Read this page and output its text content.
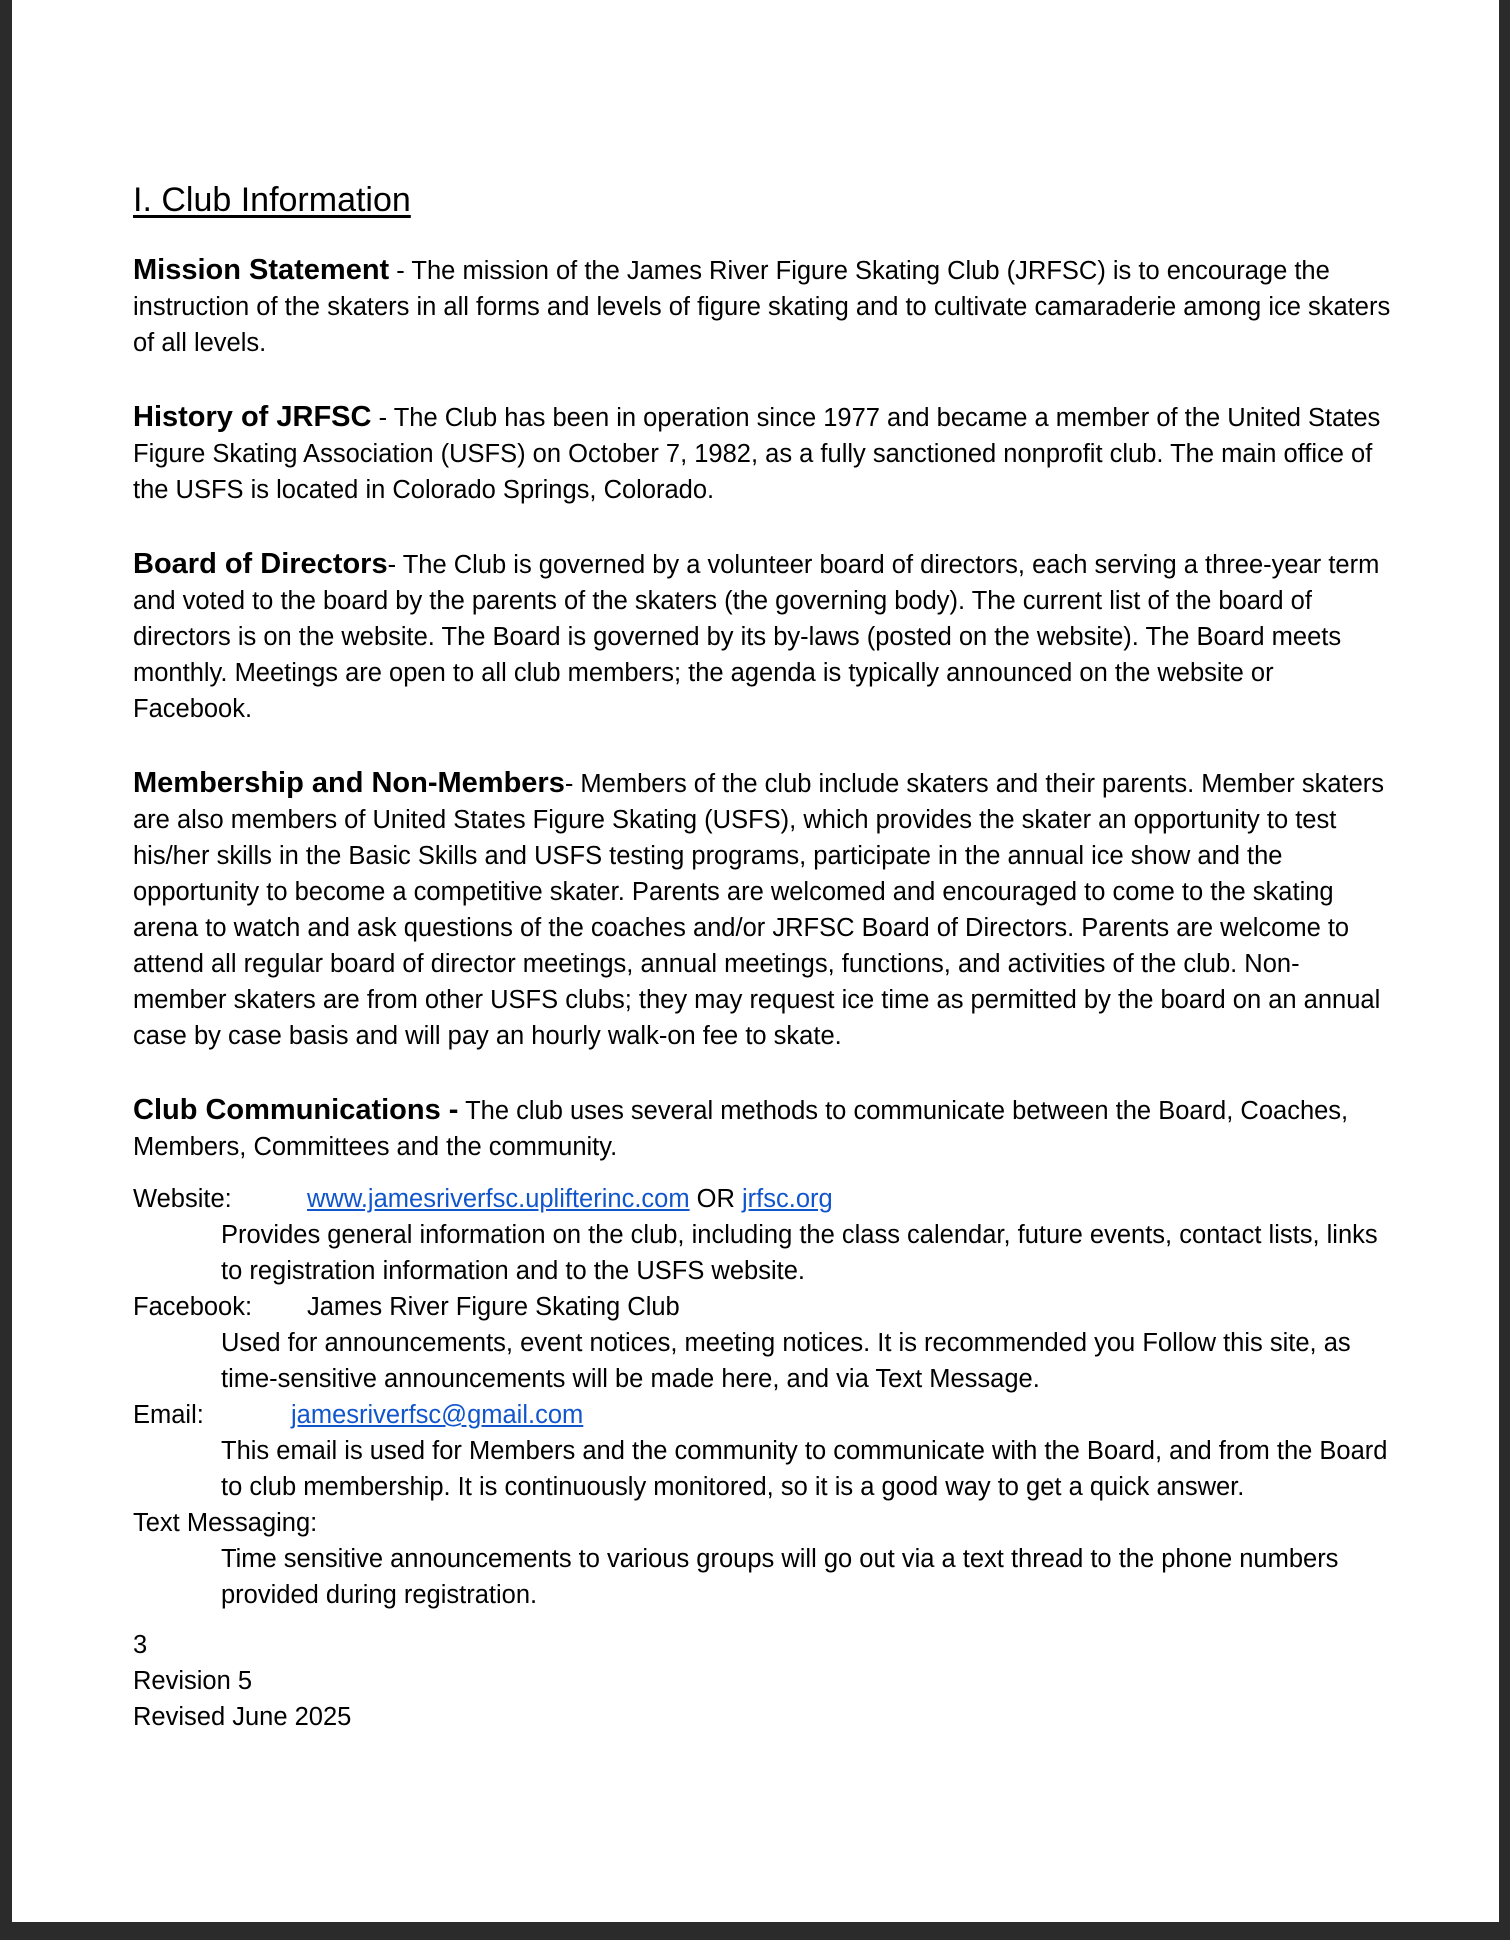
I. Club Information
Mission Statement - The mission of the James River Figure Skating Club (JRFSC) is to encourage the instruction of the skaters in all forms and levels of figure skating and to cultivate camaraderie among ice skaters of all levels.
History of JRFSC - The Club has been in operation since 1977 and became a member of the United States Figure Skating Association (USFS) on October 7, 1982, as a fully sanctioned nonprofit club. The main office of the USFS is located in Colorado Springs, Colorado.
Board of Directors- The Club is governed by a volunteer board of directors, each serving a three-year term and voted to the board by the parents of the skaters (the governing body). The current list of the board of directors is on the website. The Board is governed by its by-laws (posted on the website). The Board meets monthly. Meetings are open to all club members; the agenda is typically announced on the website or Facebook.
Membership and Non-Members- Members of the club include skaters and their parents. Member skaters are also members of United States Figure Skating (USFS), which provides the skater an opportunity to test his/her skills in the Basic Skills and USFS testing programs, participate in the annual ice show and the opportunity to become a competitive skater. Parents are welcomed and encouraged to come to the skating arena to watch and ask questions of the coaches and/or JRFSC Board of Directors. Parents are welcome to attend all regular board of director meetings, annual meetings, functions, and activities of the club. Non-member skaters are from other USFS clubs; they may request ice time as permitted by the board on an annual case by case basis and will pay an hourly walk-on fee to skate.
Club Communications - The club uses several methods to communicate between the Board, Coaches, Members, Committees and the community.
Website:	www.jamesriverfsc.uplifterinc.com OR jrfsc.org
Provides general information on the club, including the class calendar, future events, contact lists, links to registration information and to the USFS website.
Facebook: James River Figure Skating Club
Used for announcements, event notices, meeting notices. It is recommended you Follow this site, as time-sensitive announcements will be made here, and via Text Message.
Email:	jamesriverfsc@gmail.com
This email is used for Members and the community to communicate with the Board, and from the Board to club membership. It is continuously monitored, so it is a good way to get a quick answer.
Text Messaging:
Time sensitive announcements to various groups will go out via a text thread to the phone numbers provided during registration.
3
Revision 5
Revised June 2025
